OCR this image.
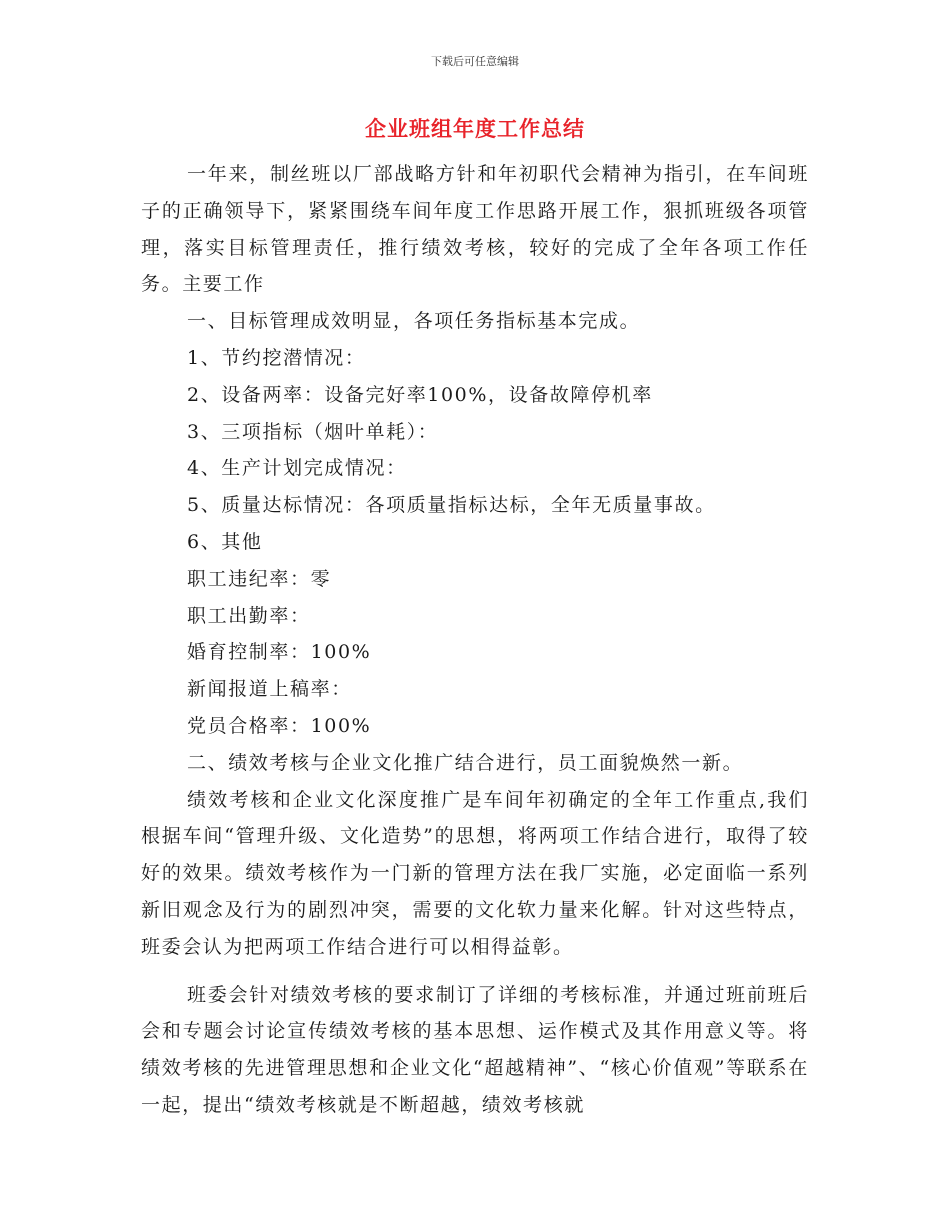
下载后可任意编辑
企业班组年度工作总结

一年来，制丝班以厂部战略方针和年初职代会精神为指引，在车间班子的正确领导下，紧紧围绕车间年度工作思路开展工作，狠抓班级各项管理，落实目标管理责任，推行绩效考核，较好的完成了全年各项工作任务。主要工作

一、目标管理成效明显，各项任务指标基本完成。

1、节约挖潜情况：

2、设备两率：设备完好率100%，设备故障停机率

3、三项指标（烟叶单耗）：

4、生产计划完成情况：

5、质量达标情况：各项质量指标达标，全年无质量事故。

6、其他

职工违纪率：零

职工出勤率：

婚育控制率：100%

新闻报道上稿率：

党员合格率：100%

二、绩效考核与企业文化推广结合进行，员工面貌焕然一新。

绩效考核和企业文化深度推广是车间年初确定的全年工作重点,我们根据车间“管理升级、文化造势”的思想，将两项工作结合进行，取得了较好的效果。绩效考核作为一门新的管理方法在我厂实施，必定面临一系列新旧观念及行为的剧烈冲突，需要的文化软力量来化解。针对这些特点，班委会认为把两项工作结合进行可以相得益彰。

班委会针对绩效考核的要求制订了详细的考核标准，并通过班前班后会和专题会讨论宣传绩效考核的基本思想、运作模式及其作用意义等。将绩效考核的先进管理思想和企业文化“超越精神”、“核心价值观”等联系在一起，提出“绩效考核就是不断超越，绩效考核就
